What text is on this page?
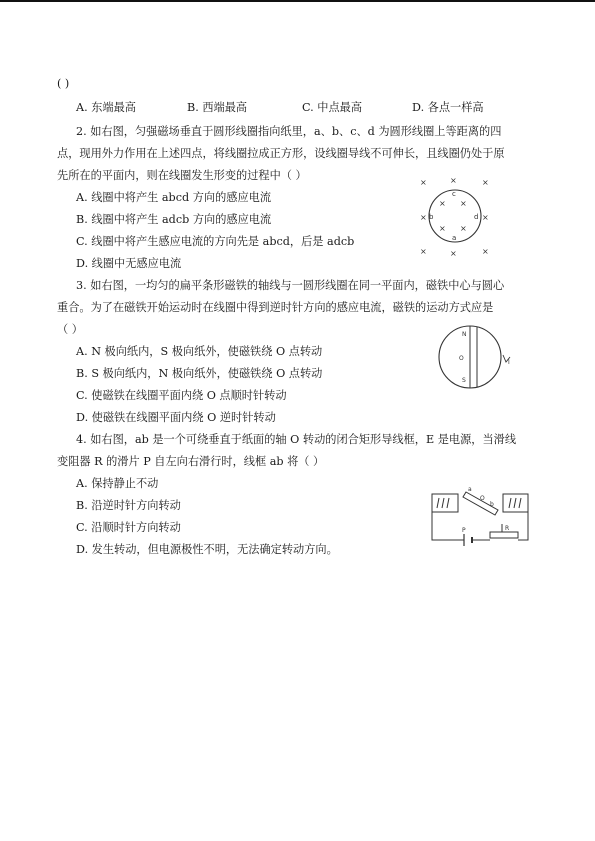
( )
A. 东端最高	B. 西端最高	C. 中点最高	D. 各点一样高
2. 如右图，匀强磁场垂直于圆形线圈指向纸里，a、b、c、d 为圆形线圈上等距离的四
点，现用外力作用在上述四点，将线圈拉成正方形，设线圈导线不可伸长，且线圈仍处于原
先所在的平面内，则在线圈发生形变的过程中（ ）
A. 线圈中将产生 abcd 方向的感应电流
B. 线圈中将产生 adcb 方向的感应电流
C. 线圈中将产生感应电流的方向先是 abcd，后是 adcb
D. 线圈中无感应电流
×	×	×
×	×
×	×	×
× ×
× ×
c
b	d
a
3. 如右图，一均匀的扁平条形磁铁的轴线与一圆形线圈在同一平面内，磁铁中心与圆心
重合。为了在磁铁开始运动时在线圈中得到逆时针方向的感应电流，磁铁的运动方式应是
（ ）
A. N 极向纸内，S 极向纸外，使磁铁绕 O 点转动
B. S 极向纸内，N 极向纸外，使磁铁绕 O 点转动
C. 使磁铁在线圈平面内绕 O 点顺时针转动
D. 使磁铁在线圈平面内绕 O 逆时针转动
N
O
S
I
4. 如右图，ab 是一个可绕垂直于纸面的轴 O 转动的闭合矩形导线框，E 是电源，当滑线
变阻器 R 的滑片 P 自左向右滑行时，线框 ab 将（ ）
A. 保持静止不动
B. 沿逆时针方向转动
C. 沿顺时针方向转动
D. 发生转动，但电源极性不明，无法确定转动方向。
a
O
b
R
P
